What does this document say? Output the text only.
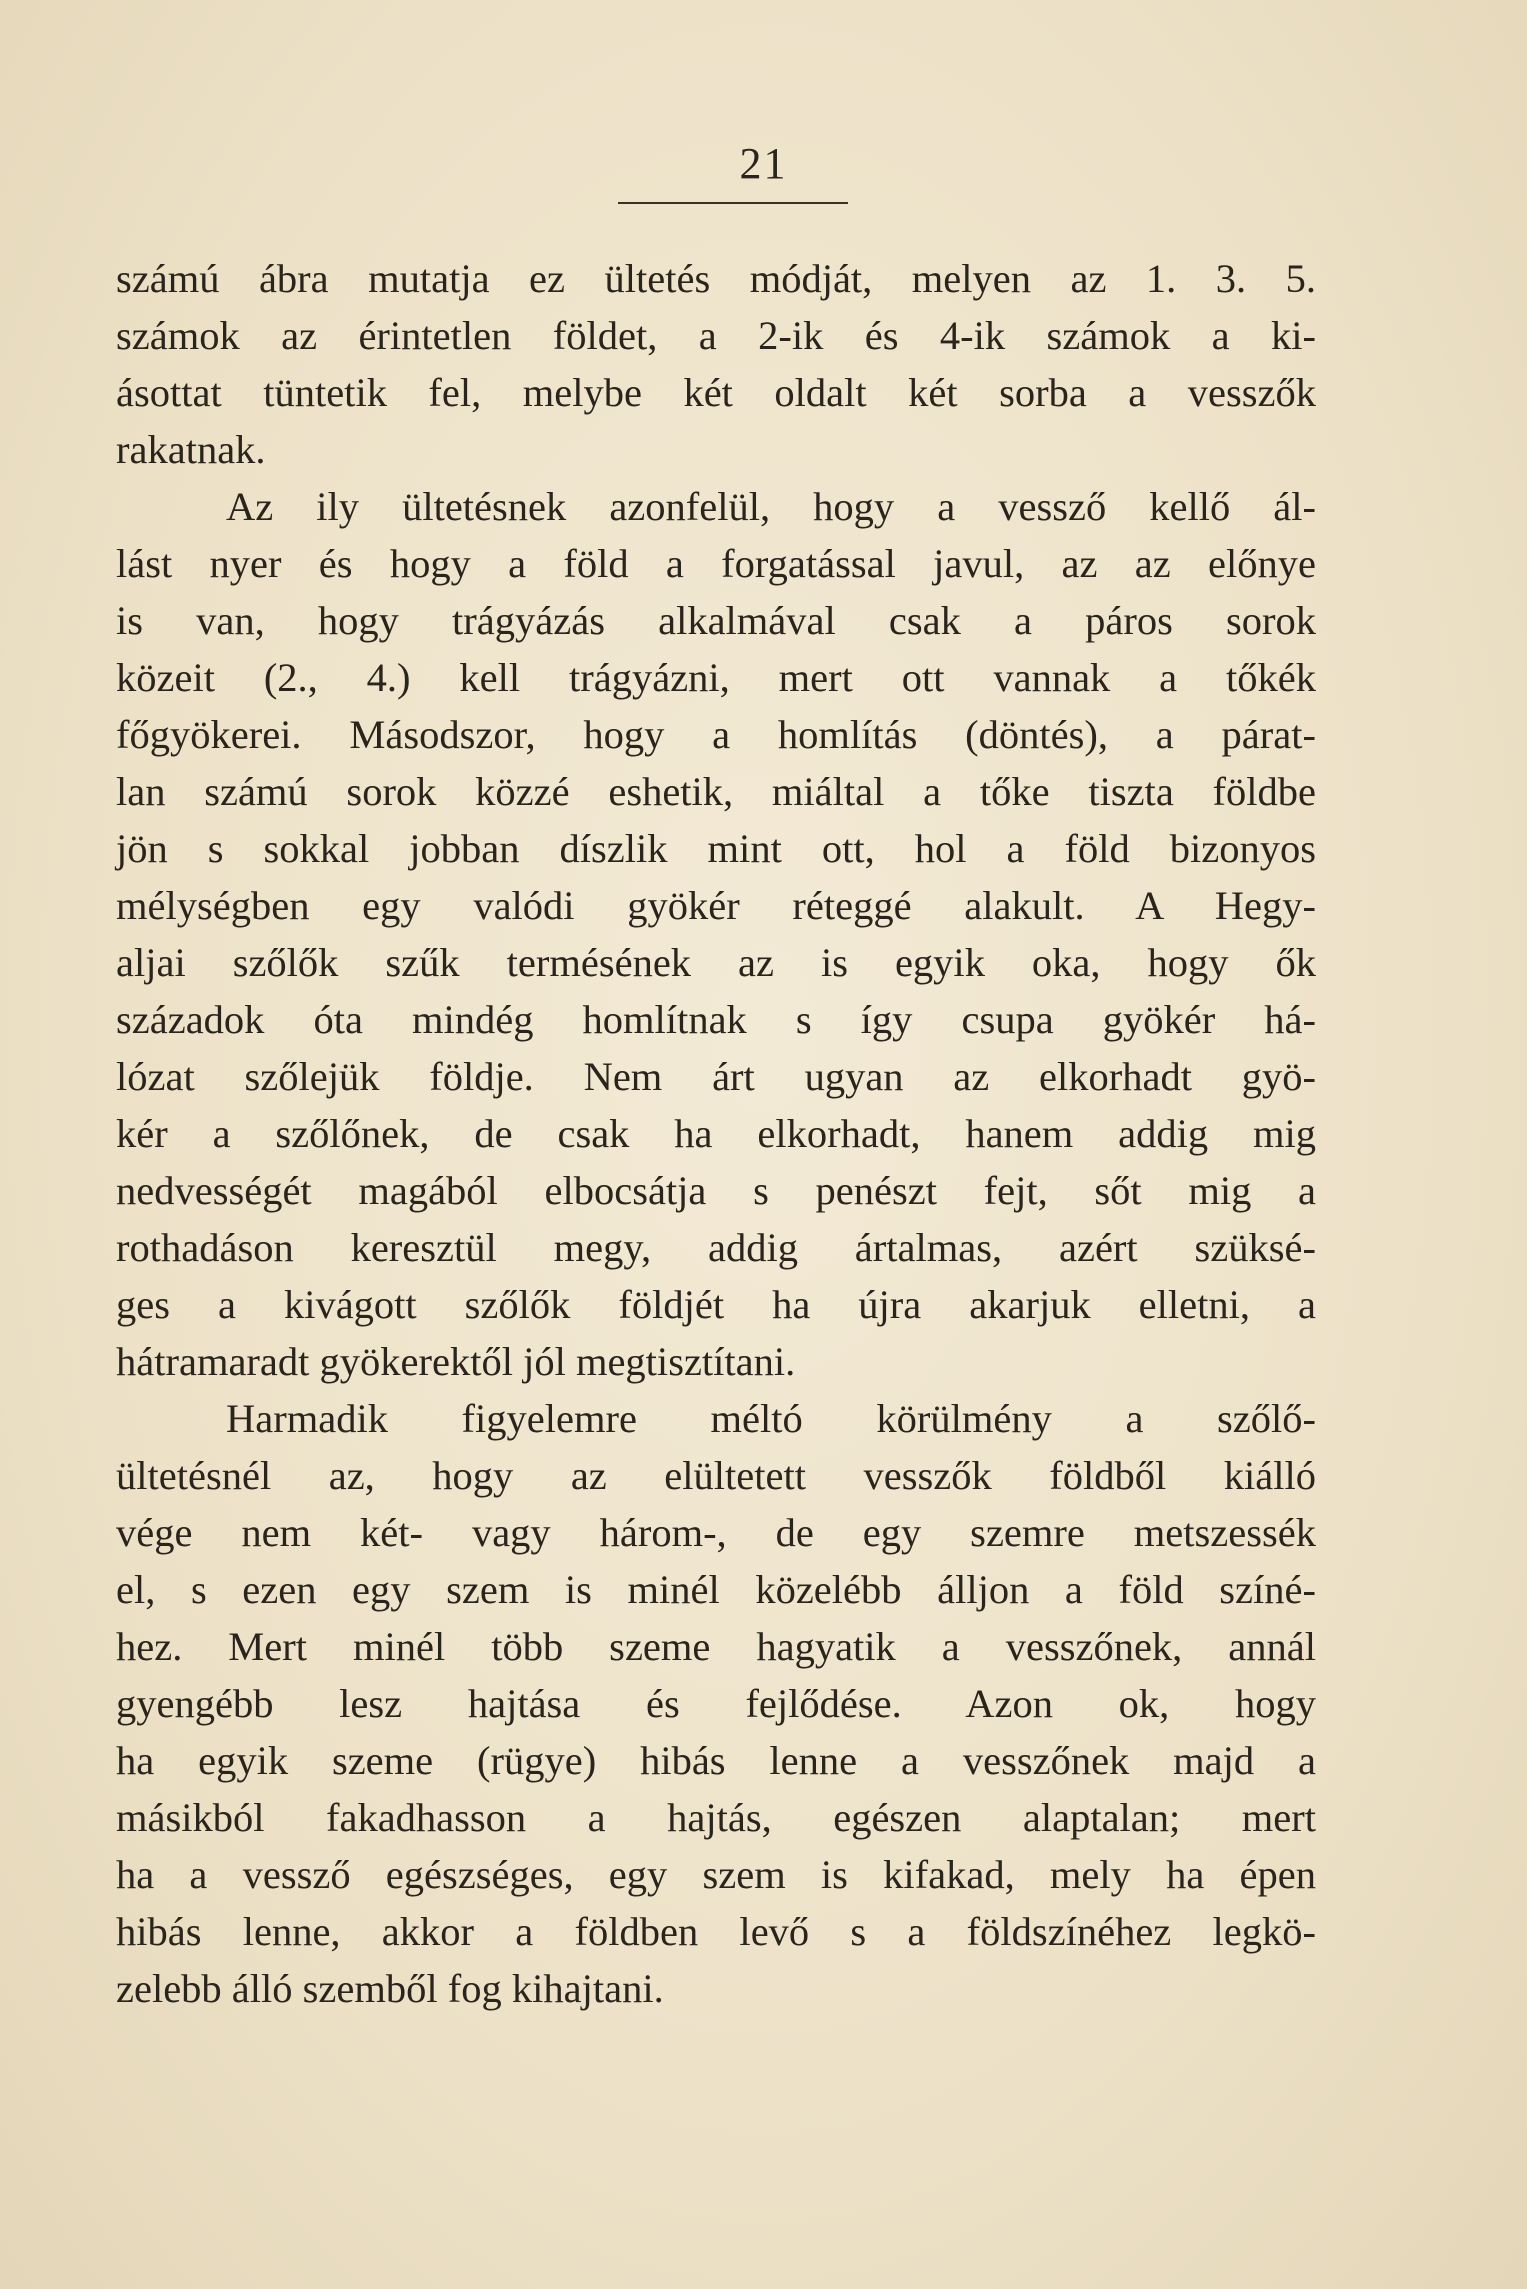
21
számú ábra mutatja ez ültetés módját, melyen az 1. 3. 5.
számok az érintetlen földet, a 2-ik és 4-ik számok a ki-
ásottat tüntetik fel, melybe két oldalt két sorba a vesszők
rakatnak.
Az ily ültetésnek azonfelül, hogy a vessző kellő ál-
lást nyer és hogy a föld a forgatással javul, az az előnye
is van, hogy trágyázás alkalmával csak a páros sorok
közeit (2., 4.) kell trágyázni, mert ott vannak a tőkék
főgyökerei. Másodszor, hogy a homlítás (döntés), a párat-
lan számú sorok közzé eshetik, miáltal a tőke tiszta földbe
jön s sokkal jobban díszlik mint ott, hol a föld bizonyos
mélységben egy valódi gyökér réteggé alakult. A Hegy-
aljai szőlők szűk termésének az is egyik oka, hogy ők
századok óta mindég homlítnak s így csupa gyökér há-
lózat szőlejük földje. Nem árt ugyan az elkorhadt gyö-
kér a szőlőnek, de csak ha elkorhadt, hanem addig mig
nedvességét magából elbocsátja s penészt fejt, sőt mig a
rothadáson keresztül megy, addig ártalmas, azért szüksé-
ges a kivágott szőlők földjét ha újra akarjuk elletni, a
hátramaradt gyökerektől jól megtisztítani.
Harmadik figyelemre méltó körülmény a szőlő-
ültetésnél az, hogy az elültetett vesszők földből kiálló
vége nem két- vagy három-, de egy szemre metszessék
el, s ezen egy szem is minél közelébb álljon a föld színé-
hez. Mert minél több szeme hagyatik a vesszőnek, annál
gyengébb lesz hajtása és fejlődése. Azon ok, hogy
ha egyik szeme (rügye) hibás lenne a vesszőnek majd a
másikból fakadhasson a hajtás, egészen alaptalan; mert
ha a vessző egészséges, egy szem is kifakad, mely ha épen
hibás lenne, akkor a földben levő s a földszínéhez legkö-
zelebb álló szemből fog kihajtani.
